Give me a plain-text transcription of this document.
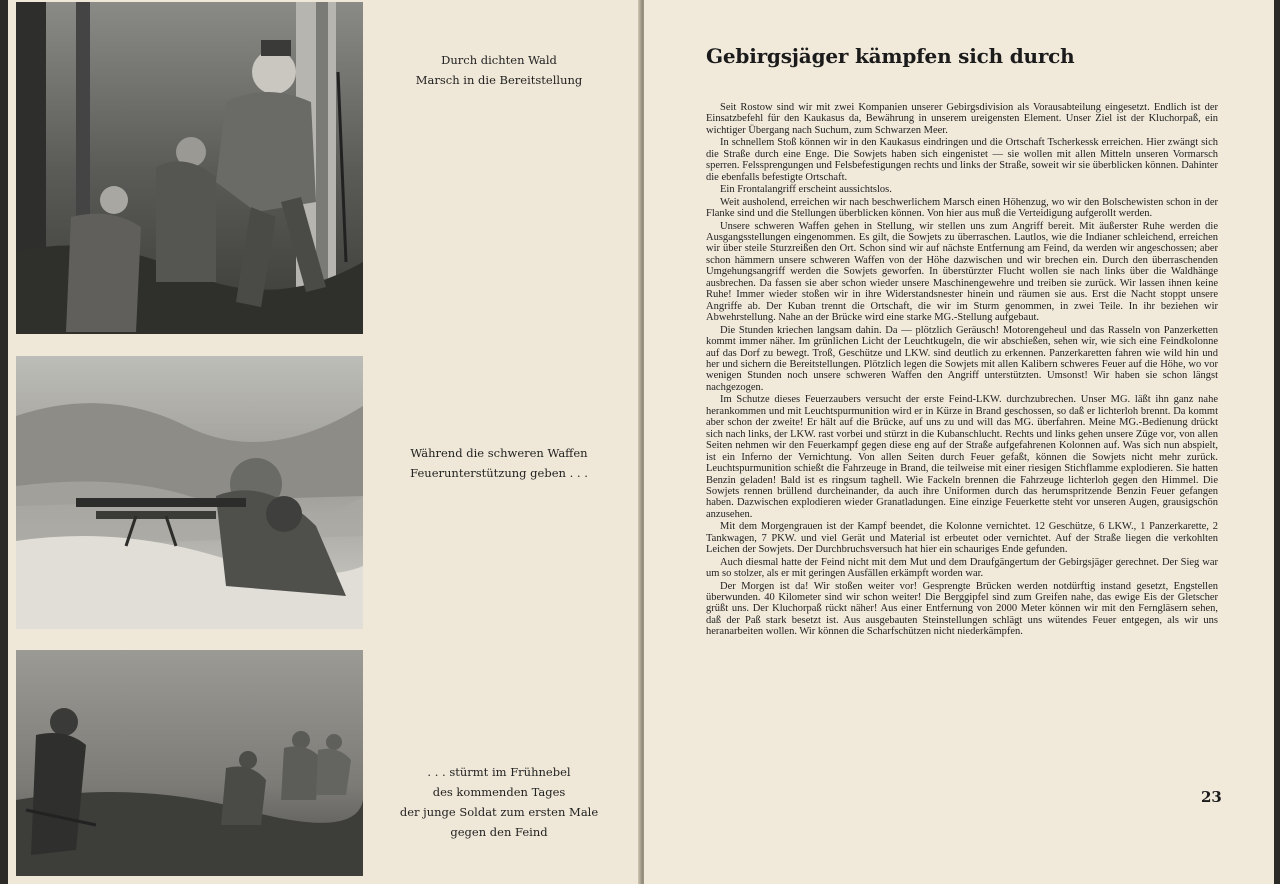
Durch dichten Wald
Marsch in die Bereitstellung
Während die schweren Waffen
Feuerunterstützung geben . . .
. . . stürmt im Frühnebel
des kommenden Tages
der junge Soldat zum ersten Male
gegen den Feind
Gebirgsjäger kämpfen sich durch

Seit Rostow sind wir mit zwei Kompanien unserer Gebirgsdivision als Vorausabteilung eingesetzt. Endlich ist der Einsatzbefehl für den Kaukasus da, Bewährung in unserem ureigensten Element. Unser Ziel ist der Kluchorpaß, ein wichtiger Übergang nach Suchum, zum Schwarzen Meer.

In schnellem Stoß können wir in den Kaukasus eindringen und die Ortschaft Tscherkessk erreichen. Hier zwängt sich die Straße durch eine Enge. Die Sowjets haben sich eingenistet — sie wollen mit allen Mitteln unseren Vormarsch sperren. Felssprengungen und Felsbefestigungen rechts und links der Straße, soweit wir sie überblicken können. Dahinter die ebenfalls befestigte Ortschaft.

Ein Frontalangriff erscheint aussichtslos.

Weit ausholend, erreichen wir nach beschwerlichem Marsch einen Höhenzug, wo wir den Bolschewisten schon in der Flanke sind und die Stellungen überblicken können. Von hier aus muß die Verteidigung aufgerollt werden.

Unsere schweren Waffen gehen in Stellung, wir stellen uns zum Angriff bereit. Mit äußerster Ruhe werden die Ausgangsstellungen eingenommen. Es gilt, die Sowjets zu überraschen. Lautlos, wie die Indianer schleichend, erreichen wir über steile Sturzreißen den Ort. Schon sind wir auf nächste Entfernung am Feind, da werden wir angeschossen; aber schon hämmern unsere schweren Waffen von der Höhe dazwischen und wir brechen ein. Durch den überraschenden Umgehungsangriff werden die Sowjets geworfen. In überstürzter Flucht wollen sie nach links über die Waldhänge ausbrechen. Da fassen sie aber schon wieder unsere Maschinengewehre und treiben sie zurück. Wir lassen ihnen keine Ruhe! Immer wieder stoßen wir in ihre Widerstandsnester hinein und räumen sie aus. Erst die Nacht stoppt unsere Angriffe ab. Der Kuban trennt die Ortschaft, die wir im Sturm genommen, in zwei Teile. In ihr beziehen wir Abwehrstellung. Nahe an der Brücke wird eine starke MG.-Stellung aufgebaut.

Die Stunden kriechen langsam dahin. Da — plötzlich Geräusch! Motorengeheul und das Rasseln von Panzerketten kommt immer näher. Im grünlichen Licht der Leuchtkugeln, die wir abschießen, sehen wir, wie sich eine Feindkolonne auf das Dorf zu bewegt. Troß, Geschütze und LKW. sind deutlich zu erkennen. Panzerkaretten fahren wie wild hin und her und sichern die Bereitstellungen. Plötzlich legen die Sowjets mit allen Kalibern schweres Feuer auf die Höhe, wo vor wenigen Stunden noch unsere schweren Waffen den Angriff unterstützten. Umsonst! Wir haben sie schon längst nachgezogen.

Im Schutze dieses Feuerzaubers versucht der erste Feind-LKW. durchzubrechen. Unser MG. läßt ihn ganz nahe herankommen und mit Leuchtspurmunition wird er in Kürze in Brand geschossen, so daß er lichterloh brennt. Da kommt aber schon der zweite! Er hält auf die Brücke, auf uns zu und will das MG. überfahren. Meine MG.-Bedienung drückt sich nach links, der LKW. rast vorbei und stürzt in die Kubanschlucht. Rechts und links gehen unsere Züge vor, von allen Seiten nehmen wir den Feuerkampf gegen diese eng auf der Straße aufgefahrenen Kolonnen auf. Was sich nun abspielt, ist ein Inferno der Vernichtung. Von allen Seiten durch Feuer gefaßt, können die Sowjets nicht mehr zurück. Leuchtspurmunition schießt die Fahrzeuge in Brand, die teilweise mit einer riesigen Stichflamme explodieren. Sie hatten Benzin geladen! Bald ist es ringsum taghell. Wie Fackeln brennen die Fahrzeuge lichterloh gegen den Himmel. Die Sowjets rennen brüllend durcheinander, da auch ihre Uniformen durch das herumspritzende Benzin Feuer gefangen haben. Dazwischen explodieren wieder Granatladungen. Eine einzige Feuerkette steht vor unseren Augen, grausigschön anzusehen.

Mit dem Morgengrauen ist der Kampf beendet, die Kolonne vernichtet. 12 Geschütze, 6 LKW., 1 Panzerkarette, 2 Tankwagen, 7 PKW. und viel Gerät und Material ist erbeutet oder vernichtet. Auf der Straße liegen die verkohlten Leichen der Sowjets. Der Durchbruchsversuch hat hier ein schauriges Ende gefunden.

Auch diesmal hatte der Feind nicht mit dem Mut und dem Draufgängertum der Gebirgsjäger gerechnet. Der Sieg war um so stolzer, als er mit geringen Ausfällen erkämpft worden war.

Der Morgen ist da! Wir stoßen weiter vor! Gesprengte Brücken werden notdürftig instand gesetzt, Engstellen überwunden. 40 Kilometer sind wir schon weiter! Die Berggipfel sind zum Greifen nahe, das ewige Eis der Gletscher grüßt uns. Der Kluchorpaß rückt näher! Aus einer Entfernung von 2000 Meter können wir mit den Ferngläsern sehen, daß der Paß stark besetzt ist. Aus ausgebauten Steinstellungen schlägt uns wütendes Feuer entgegen, als wir uns heranarbeiten wollen. Wir können die Scharfschützen nicht niederkämpfen.

23
